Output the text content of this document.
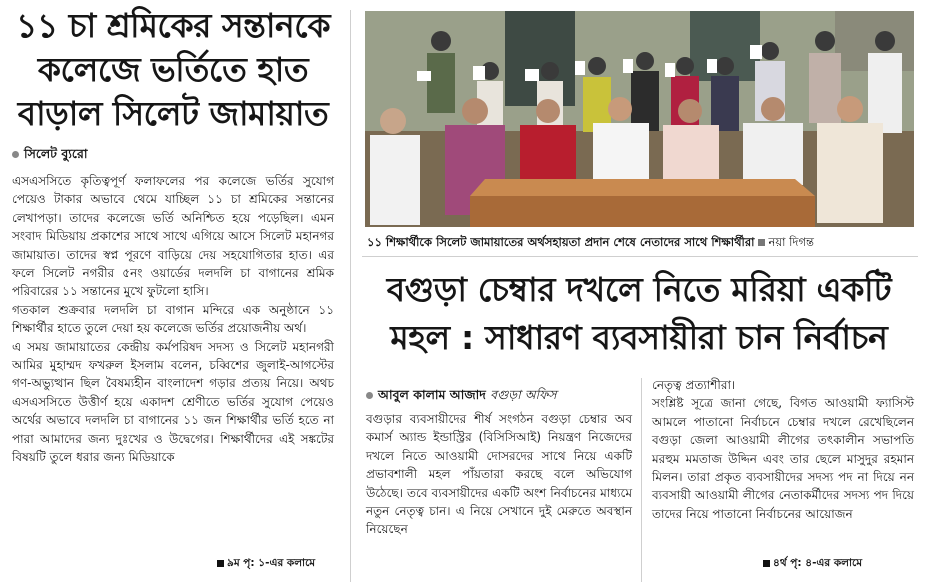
১১ চা শ্রমিকের সন্তানকে কলেজে ভর্তিতে হাত বাড়াল সিলেট জামায়াত
সিলেট ব্যুরো
এসএসসিতে কৃতিত্বপূর্ণ ফলাফলের পর কলেজে ভর্তির সুযোগ পেয়েও টাকার অভাবে থেমে যাচ্ছিল ১১ চা শ্রমিকের সন্তানের লেখাপড়া। তাদের কলেজে ভর্তি অনিশ্চিত হয়ে পড়েছিল। এমন সংবাদ মিডিয়ায় প্রকাশের সাথে সাথে এগিয়ে আসে সিলেট মহানগর জামায়াত। তাদের স্বপ্ন পূরণে বাড়িয়ে দেয় সহযোগিতার হাত। এর ফলে সিলেট নগরীর ৫নং ওয়ার্ডের দলদলি চা বাগানের শ্রমিক পরিবারের ১১ সন্তানের মুখে ফুটলো হাসি।
গতকাল শুক্রবার দলদলি চা বাগান মন্দিরে এক অনুষ্ঠানে ১১ শিক্ষার্থীর হাতে তুলে দেয়া হয় কলেজে ভর্তির প্রয়োজনীয় অর্থ।
এ সময় জামায়াতের কেন্দ্রীয় কর্মপরিষদ সদস্য ও সিলেট মহানগরী আমির মুহাম্মদ ফখরুল ইসলাম বলেন, চব্বিশের জুলাই-আগস্টের গণ-অভ্যুত্থান ছিল বৈষম্যহীন বাংলাদেশ গড়ার প্রত্যয় নিয়ে। অথচ এসএসসিতে উত্তীর্ণ হয়ে একাদশ শ্রেণীতে ভর্তির সুযোগ পেয়েও অর্থের অভাবে দলদলি চা বাগানের ১১ জন শিক্ষার্থীর ভর্তি হতে না পারা আমাদের জন্য দুঃখের ও উদ্বেগের। শিক্ষার্থীদের এই সঙ্কটের বিষয়টি তুলে ধরার জন্য মিডিয়াকে
৯ম পৃ: ১-এর কলামে
১১ শিক্ষার্থীকে সিলেট জামায়াতের অর্থসহায়তা প্রদান শেষে নেতাদের সাথে শিক্ষার্থীরা নয়া দিগন্ত
বগুড়া চেম্বার দখলে নিতে মরিয়া একটি মহল : সাধারণ ব্যবসায়ীরা চান নির্বাচন
আবুল কালাম আজাদ বগুড়া অফিস
বগুড়ার ব্যবসায়ীদের শীর্ষ সংগঠন বগুড়া চেম্বার অব কমার্স অ্যান্ড ইন্ডাস্ট্রির (বিসিসিআই) নিয়ন্ত্রণ নিজেদের দখলে নিতে আওয়ামী দোসরদের সাথে নিয়ে একটি প্রভাবশালী মহল পাঁয়তারা করছে বলে অভিযোগ উঠেছে। তবে ব্যবসায়ীদের একটি অংশ নির্বাচনের মাধ্যমে নতুন নেতৃত্ব চান। এ নিয়ে সেখানে দুই মেরুতে অবস্থান নিয়েছেন
নেতৃত্ব প্রত্যাশীরা।
সংশ্লিষ্ট সূত্রে জানা গেছে, বিগত আওয়ামী ফ্যাসিস্ট আমলে পাতানো নির্বাচনে চেম্বার দখলে রেখেছিলেন বগুড়া জেলা আওয়ামী লীগের তৎকালীন সভাপতি মরহুম মমতাজ উদ্দিন এবং তার ছেলে মাসুদুর রহমান মিলন। তারা প্রকৃত ব্যবসায়ীদের সদস্য পদ না দিয়ে নন ব্যবসায়ী আওয়ামী লীগের নেতাকর্মীদের সদস্য পদ দিয়ে তাদের নিয়ে পাতানো নির্বাচনের আয়োজন
৪র্থ পৃ: ৪-এর কলামে
